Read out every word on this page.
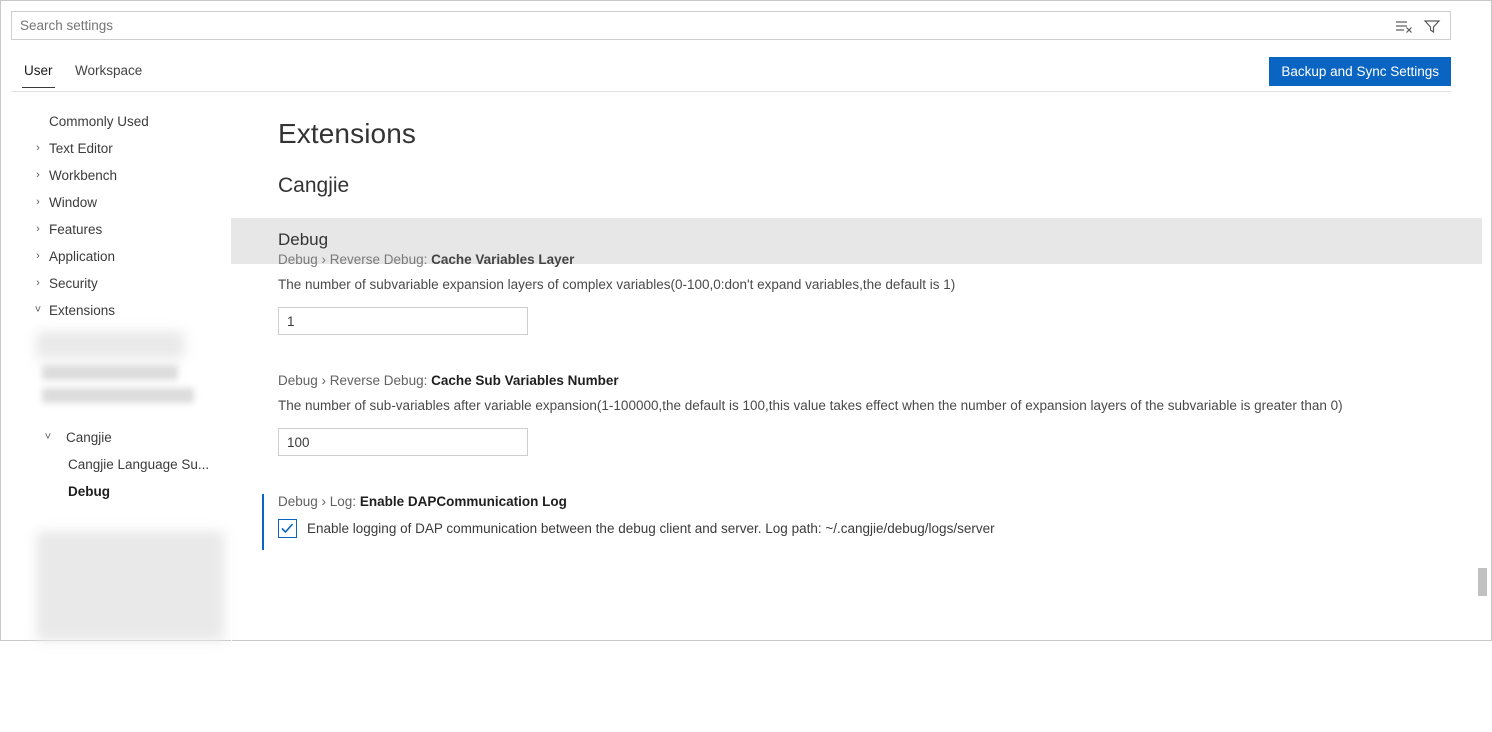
Search settings
User Workspace	Backup and Sync Settings
Commonly Used
› Text Editor
› Workbench
› Window
› Features
› Application
› Security
˅ Extensions
˅ Cangjie
Cangjie Language Su...
Debug
Extensions
Cangjie
Debug
Debug › Reverse Debug: Cache Variables Layer
The number of subvariable expansion layers of complex variables(0-100,0:don't expand variables,the default is 1)
1
Debug › Reverse Debug: Cache Sub Variables Number
The number of sub-variables after variable expansion(1-100000,the default is 100,this value takes effect when the number of expansion layers of the subvariable is greater than 0)
100
Debug › Log: Enable DAPCommunication Log
Enable logging of DAP communication between the debug client and server. Log path: ~/.cangjie/debug/logs/server
